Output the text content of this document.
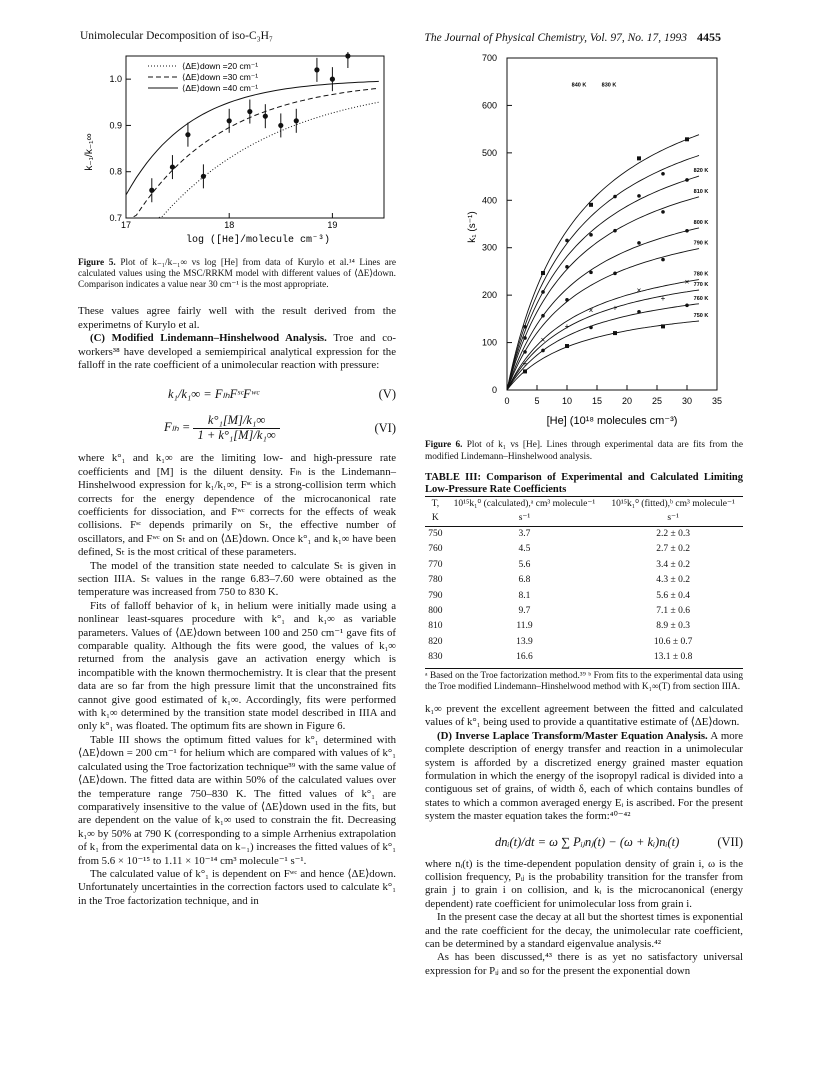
Unimolecular Decomposition of iso-C₃H₇	The Journal of Physical Chemistry, Vol. 97, No. 17, 1993 4455
0.7
0.8
0.9
1.0
17	18	19
⟨ΔE⟩down =20 cm⁻¹
⟨ΔE⟩down =30 cm⁻¹
⟨ΔE⟩down =40 cm⁻¹
k₋₁/k₋₁∞
log ([He]/molecule cm⁻³)

Figure 5. Plot of k₋₁/k₋₁∞ vs log [He] from data of Kurylo et al.¹⁴ Lines are calculated values using the MSC/RRKM model with different values of ⟨ΔE⟩down. Comparison indicates a value near 30 cm⁻¹ is the most appropriate.

These values agree fairly well with the result derived from the experimetns of Kurylo et al.

(C) Modified Lindemann–Hinshelwood Analysis. Troe and co-workers³⁸ have developed a semiempirical analytical expression for the falloff in the rate coefficient of a unimolecular reaction with pressure:

k₁/k₁∞ = FₗₕFˢᶜFʷᶜ	(V)
$F_{lh} = \frac{\text{k°₁[M]/k₁∞}}{\text{1 + k°₁[M]/k₁∞}}$	(VI)

where k°₁ and k₁∞ are the limiting low- and high-pressure rate coefficients and [M] is the diluent density. Fₗₕ is the Lindemann–Hinshelwood expression for k₁/k₁∞, Fˢᶜ is a strong-collision term which corrects for the energy dependence of the microcanonical rate coefficients for dissociation, and Fʷᶜ corrects for the effects of weak collisions. Fˢᶜ depends primarily on Sₜ, the effective number of oscillators, and Fʷᶜ on Sₜ and on ⟨ΔE⟩down. Once k°₁ and k₁∞ have been defined, Sₜ is the most critical of these parameters.

The model of the transition state needed to calculate Sₜ is given in section IIIA. Sₜ values in the range 6.83–7.60 were obtained as the temperature was increased from 750 to 830 K.

Fits of falloff behavior of k₁ in helium were initially made using a nonlinear least-squares procedure with k°₁ and k₁∞ as variable parameters. Values of ⟨ΔE⟩down between 100 and 250 cm⁻¹ gave fits of comparable quality. Although the fits were good, the values of k₁∞ returned from the analysis gave an activation energy which is incompatible with the known thermochemistry. It is clear that the present data are so far from the high pressure limit that the unconstrained fits cannot give good estimated of k₁∞. Accordingly, fits were performed with k₁∞ determined by the transition state model described in IIIA and only k°₁ was floated. The optimum fits are shown in Figure 6.

Table III shows the optimum fitted values for k°₁ determined with ⟨ΔE⟩down = 200 cm⁻¹ for helium which are compared with values of k°₁ calculated using the Troe factorization technique³⁹ with the same value of ⟨ΔE⟩down. The fitted data are within 50% of the calculated values over the temperature range 750–830 K. The fitted values of k°₁ are comparatively insensitive to the value of ⟨ΔE⟩down used in the fits, but are dependent on the value of k₁∞ used to constrain the fit. Decreasing k₁∞ by 50% at 790 K (corresponding to a simple Arrhenius extrapolation of k₁ from the experimental data on k₋₁) increases the fitted values of k°₁ from 5.6 × 10⁻¹⁵ to 1.11 × 10⁻¹⁴ cm³ molecule⁻¹ s⁻¹.

The calculated value of k°₁ is dependent on Fʷᶜ and hence ⟨ΔE⟩down. Unfortunately uncertainties in the correction factors used to calculate k°₁ in the Troe factorization technique, and in

0
100
200
300
400
500
600
700
0	5 10 15 20 25 30 35
840 K	830 K
820 K
810 K
800 K
790 K
×
×
×
×
780 K
+
+
+
+
770 K
760 K
750 K
k₁ (s⁻¹)
[He] (10¹⁸ molecules cm⁻³)

Figure 6. Plot of k₁ vs [He]. Lines through experimental data are fits from the modified Lindemann–Hinshelwood analysis.

TABLE III: Comparison of Experimental and Calculated Limiting Low-Pressure Rate Coefficients
T, K	10¹⁵k₁⁰ (calculated),ᵃ cm³ molecule⁻¹ s⁻¹	10¹⁵k₁⁰ (fitted),ᵇ cm³ molecule⁻¹ s⁻¹
750	3.7	2.2 ± 0.3
760	4.5	2.7 ± 0.2
770	5.6	3.4 ± 0.2
780	6.8	4.3 ± 0.2
790	8.1	5.6 ± 0.4
800	9.7	7.1 ± 0.6
810	11.9	8.9 ± 0.3
820	13.9	10.6 ± 0.7
830	16.6	13.1 ± 0.8

ᵃ Based on the Troe factorization method.³⁹ ᵇ From fits to the experimental data using the Troe modified Lindemann–Hinshelwood method with K₁∞(T) from section IIIA.

k₁∞ prevent the excellent agreement between the fitted and calculated values of k°₁ being used to provide a quantitative estimate of ⟨ΔE⟩down.

(D) Inverse Laplace Transform/Master Equation Analysis. A more complete description of energy transfer and reaction in a unimolecular system is afforded by a discretized energy grained master equation formulation in which the energy of the isopropyl radical is divided into a contiguous set of grains, of width δ, each of which contains bundles of states to which a common averaged energy Eᵢ is ascribed. For the present system the master equation takes the form:⁴⁰⁻⁴²

dnᵢ(t)/dt = ω ∑ Pᵢⱼnⱼ(t) − (ω + kᵢ)nᵢ(t)	(VII)

where nᵢ(t) is the time-dependent population density of grain i, ω is the collision frequency, Pᵢⱼ is the probability transition for the transfer from grain j to grain i on collision, and kᵢ is the microcanonical (energy dependent) rate coefficient for unimolecular loss from grain i.

In the present case the decay at all but the shortest times is exponential and the rate coefficient for the decay, the unimolecular rate coefficient, can be determined by a standard eigenvalue analysis.⁴²

As has been discussed,⁴³ there is as yet no satisfactory universal expression for Pᵢⱼ and so for the present the exponential down
